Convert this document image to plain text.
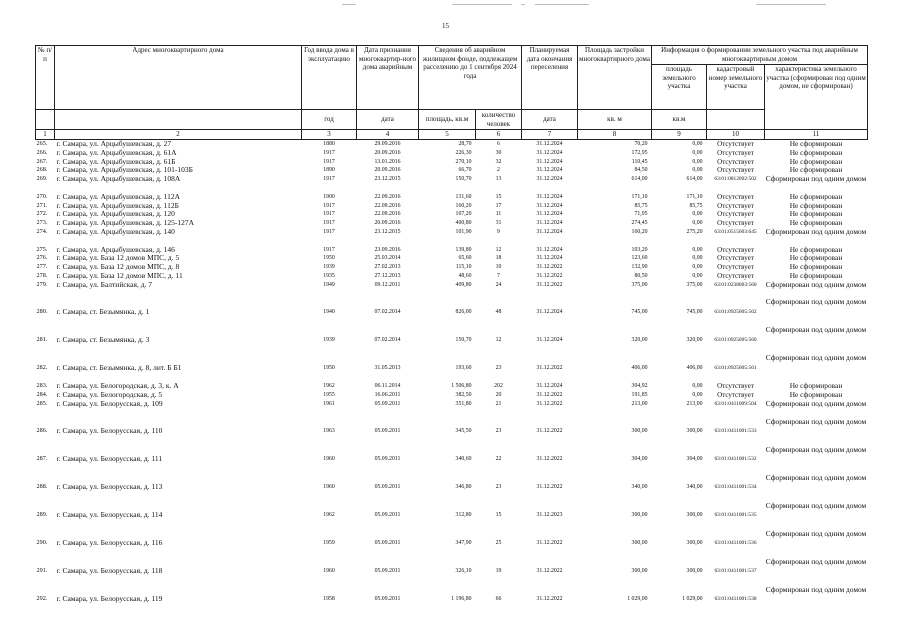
15
№ п/п	Адрес многоквартирного дома	Год ввода дома в эксплуатацию	Дата признания многоквартир-ного дома аварийным	Сведения об аварийном жилищном фонде, подлежащем расселению до 1 сентября 2024 года		Планируемая дата окончания переселения	Площадь застройки многоквартирного дома	Информация о формировании земельного участка под аварийным многоквартирным домом		
								площадь земельного участка	кадастровый номер земельного участка	характеристика земельного участка (сформирован под одним домом, не сформирован)
		год	дата	площадь, кв.м	количество человек	дата	кв. м	кв.м		
1	2	3	4	5	6	7	8	9	10	11
265.	г. Самара, ул. Арцыбушевская, д. 27	1880	29.09.2016	28,70	6	31.12.2024	70,20	0,00	Отсутствует	Не сформирован
266.	г. Самара, ул. Арцыбушевская, д. 61А	1917	20.09.2016	226,30	30	31.12.2024	172,95	0,00	Отсутствует	Не сформирован
267.	г. Самара, ул. Арцыбушевская, д. 61Б	1917	13.01.2016	270,10	32	31.12.2024	110,45	0,00	Отсутствует	Не сформирован
268.	г. Самара, ул. Арцыбушевская, д. 101-103Б	1890	20.09.2016	66,70	2	31.12.2024	84,50	0,00	Отсутствует	Не сформирован
269.	г. Самара, ул. Арцыбушевская, д. 108А	1917	23.12.2015	150,70	13	31.12.2024	614,00	614,00	63:01:0812002:502	Сформирован под одним домом
270.	г. Самара, ул. Арцыбушевская, д. 112А	1900	22.09.2016	131,60	15	31.12.2024	171,10	171,10	Отсутствует	Не сформирован
271.	г. Самара, ул. Арцыбушевская, д. 112Б	1917	22.09.2016	160,20	17	31.12.2024	85,75	85,75	Отсутствует	Не сформирован
272.	г. Самара, ул. Арцыбушевская, д. 120	1917	22.09.2016	107,20	11	31.12.2024	71,95	0,00	Отсутствует	Не сформирован
273.	г. Самара, ул. Арцыбушевская, д. 125-127А	1917	20.09.2016	400,80	31	31.12.2024	274,45	0,00	Отсутствует	Не сформирован
274.	г. Самара, ул. Арцыбушевская, д. 140	1917	23.12.2015	101,90	9	31.12.2024	160,20	275,20	63:01:0515003:645	Сформирован под одним домом
275.	г. Самара, ул. Арцыбушевская, д. 146	1917	23.09.2016	139,80	12	31.12.2024	103,20	0,00	Отсутствует	Не сформирован
276.	г. Самара, ул. База 12 домов МПС, д. 5	1950	25.03.2014	65,60	18	31.12.2024	123,60	0,00	Отсутствует	Не сформирован
277.	г. Самара, ул. База 12 домов МПС, д. 8	1939	27.02.2013	115,10	10	31.12.2022	132,90	0,00	Отсутствует	Не сформирован
278.	г. Самара, ул. База 12 домов МПС, д. 11	1935	27.12.2013	48,60	7	31.12.2022	80,50	0,00	Отсутствует	Не сформирован
279.	г. Самара, ул. Балтийская, д. 7	1949	09.12.2011	409,80	24	31.12.2022	375,00	375,00	63:01:0238003:560	Сформирован под одним домом
280.	г. Самара, ст. Безымянка, д. 1	1940	07.02.2014	826,00	48	31.12.2024	745,00	745,00	63:01:0925005:562	Сформирован под одним домом
281.	г. Самара, ст. Безымянка, д. 3	1939	07.02.2014	150,70	12	31.12.2024	320,00	320,00	63:01:0925005:560	Сформирован под одним домом
282.	г. Самара, ст. Безымянка, д. 8, лит. Б Б1	1950	31.05.2013	193,60	23	31.12.2022	406,00	406,00	63:01:0925005:561	Сформирован под одним домом
283.	г. Самара, ул. Белогородская, д. 3, к. А	1962	06.11.2014	1 506,80	202	31.12.2024	304,92	0,00	Отсутствует	Не сформирован
284.	г. Самара, ул. Белогородская, д. 5	1955	16.06.2011	382,50	20	31.12.2022	191,85	0,00	Отсутствует	Не сформирован
285.	г. Самара, ул. Белорусская, д. 109	1961	05.09.2011	351,80	21	31.12.2022	213,00	213,00	63:01:0411009:504	Сформирован под одним домом
286.	г. Самара, ул. Белорусская, д. 110	1963	05.09.2011	345,50	23	31.12.2022	300,00	300,00	63:01:0411001:533	Сформирован под одним домом
287.	г. Самара, ул. Белорусская, д. 111	1960	05.09.2011	340,60	22	31.12.2022	304,00	304,00	63:01:0411001:532	Сформирован под одним домом
288.	г. Самара, ул. Белорусская, д. 113	1960	05.09.2011	346,80	23	31.12.2022	340,00	340,00	63:01:0411001:534	Сформирован под одним домом
289.	г. Самара, ул. Белорусская, д. 114	1962	05.09.2011	312,80	15	31.12.2023	300,00	300,00	63:01:0411001:535	Сформирован под одним домом
290.	г. Самара, ул. Белорусская, д. 116	1959	05.09.2011	347,90	25	31.12.2022	300,00	300,00	63:01:0411001:536	Сформирован под одним домом
291.	г. Самара, ул. Белорусская, д. 118	1960	05.09.2011	326,10	19	31.12.2022	300,00	300,00	63:01:0411001:537	Сформирован под одним домом
292.	г. Самара, ул. Белорусская, д. 119	1958	05.09.2011	1 196,80	66	31.12.2022	1 029,00	1 029,00	63:01:0411001:538	Сформирован под одним домом
